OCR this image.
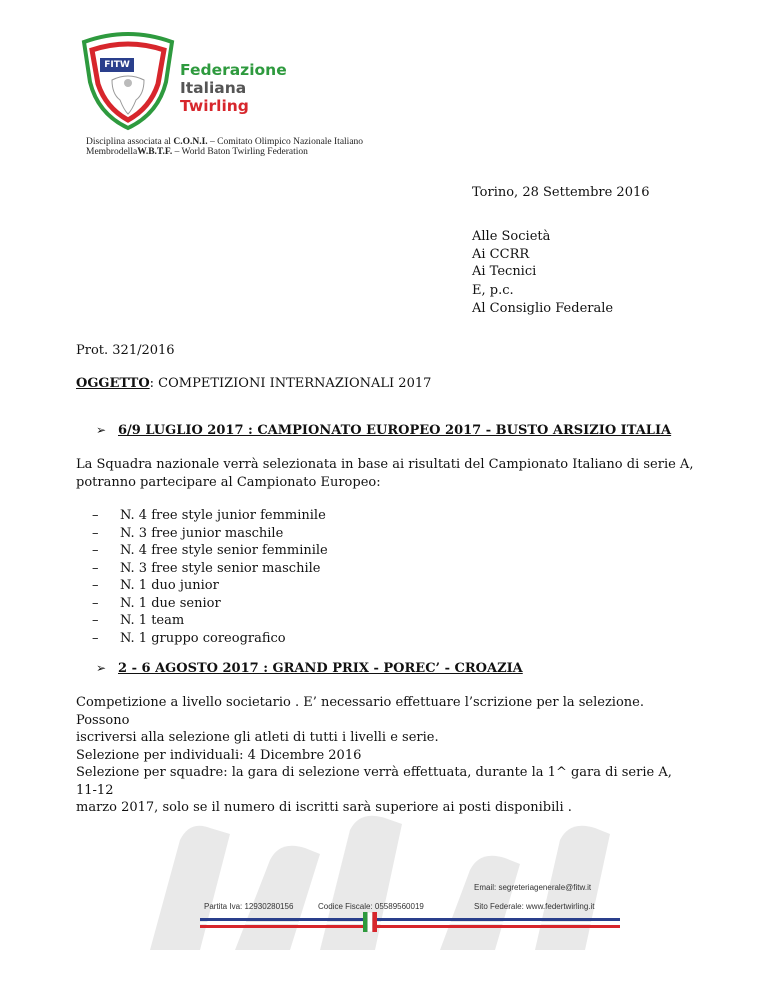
FITW	Federazione
Italiana
Twirling
Disciplina associata al C.O.N.I. – Comitato Olimpico Nazionale Italiano
MembrodellaW.B.T.F. – World Baton Twirling Federation
Torino, 28 Settembre 2016
Alle Società
Ai CCRR
Ai Tecnici
E, p.c.
Al Consiglio Federale
Prot. 321/2016
OGGETTO: COMPETIZIONI INTERNAZIONALI 2017
➢ 6/9 LUGLIO 2017 : CAMPIONATO EUROPEO 2017 - BUSTO ARSIZIO ITALIA
La Squadra nazionale verrà selezionata in base ai risultati del Campionato Italiano di serie A,
potranno partecipare al Campionato Europeo:
– N. 4 free style junior femminile
– N. 3 free junior maschile
– N. 4 free style senior femminile
– N. 3 free style senior maschile
– N. 1 duo junior
– N. 1 due senior
– N. 1 team
– N. 1 gruppo coreografico
➢ 2 - 6 AGOSTO 2017 : GRAND PRIX - POREC’ - CROAZIA
Competizione a livello societario . E’ necessario effettuare l’scrizione per la selezione. Possono
iscriversi alla selezione gli atleti di tutti i livelli e serie.
Selezione per individuali: 4 Dicembre 2016
Selezione per squadre: la gara di selezione verrà effettuata, durante la 1^ gara di serie A, 11-12
marzo 2017, solo se il numero di iscritti sarà superiore ai posti disponibili .
Email: segreteriagenerale@fitw.it
Partita Iva: 12930280156	Codice Fiscale: 05589560019	Sito Federale: www.federtwirling.it
